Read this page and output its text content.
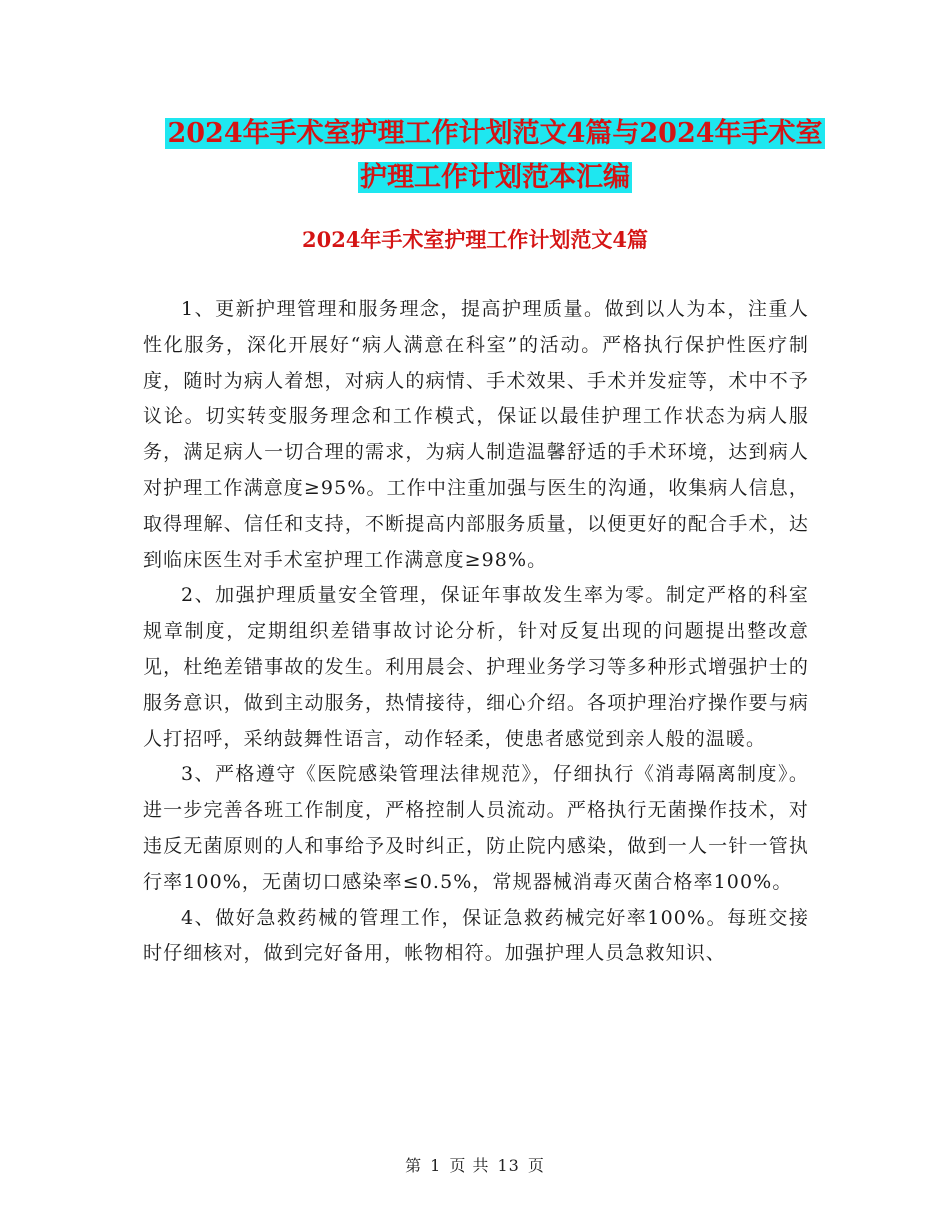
2024年手术室护理工作计划范文4篇与2024年手术室
护理工作计划范本汇编
2024年手术室护理工作计划范文4篇

1、更新护理管理和服务理念，提高护理质量。做到以人为本，注重人性化服务，深化开展好“病人满意在科室”的活动。严格执行保护性医疗制度，随时为病人着想，对病人的病情、手术效果、手术并发症等，术中不予议论。切实转变服务理念和工作模式，保证以最佳护理工作状态为病人服务，满足病人一切合理的需求，为病人制造温馨舒适的手术环境，达到病人对护理工作满意度≥95%。工作中注重加强与医生的沟通，收集病人信息，取得理解、信任和支持，不断提高内部服务质量，以便更好的配合手术，达到临床医生对手术室护理工作满意度≥98%。

2、加强护理质量安全管理，保证年事故发生率为零。制定严格的科室规章制度，定期组织差错事故讨论分析，针对反复出现的问题提出整改意见，杜绝差错事故的发生。利用晨会、护理业务学习等多种形式增强护士的服务意识，做到主动服务，热情接待，细心介绍。各项护理治疗操作要与病人打招呼，采纳鼓舞性语言，动作轻柔，使患者感觉到亲人般的温暖。

3、严格遵守《医院感染管理法律规范》，仔细执行《消毒隔离制度》。进一步完善各班工作制度，严格控制人员流动。严格执行无菌操作技术，对违反无菌原则的人和事给予及时纠正，防止院内感染，做到一人一针一管执行率100%，无菌切口感染率≤0.5%，常规器械消毒灭菌合格率100%。

4、做好急救药械的管理工作，保证急救药械完好率100%。每班交接时仔细核对，做到完好备用，帐物相符。加强护理人员急救知识、

第 1 页 共 13 页
